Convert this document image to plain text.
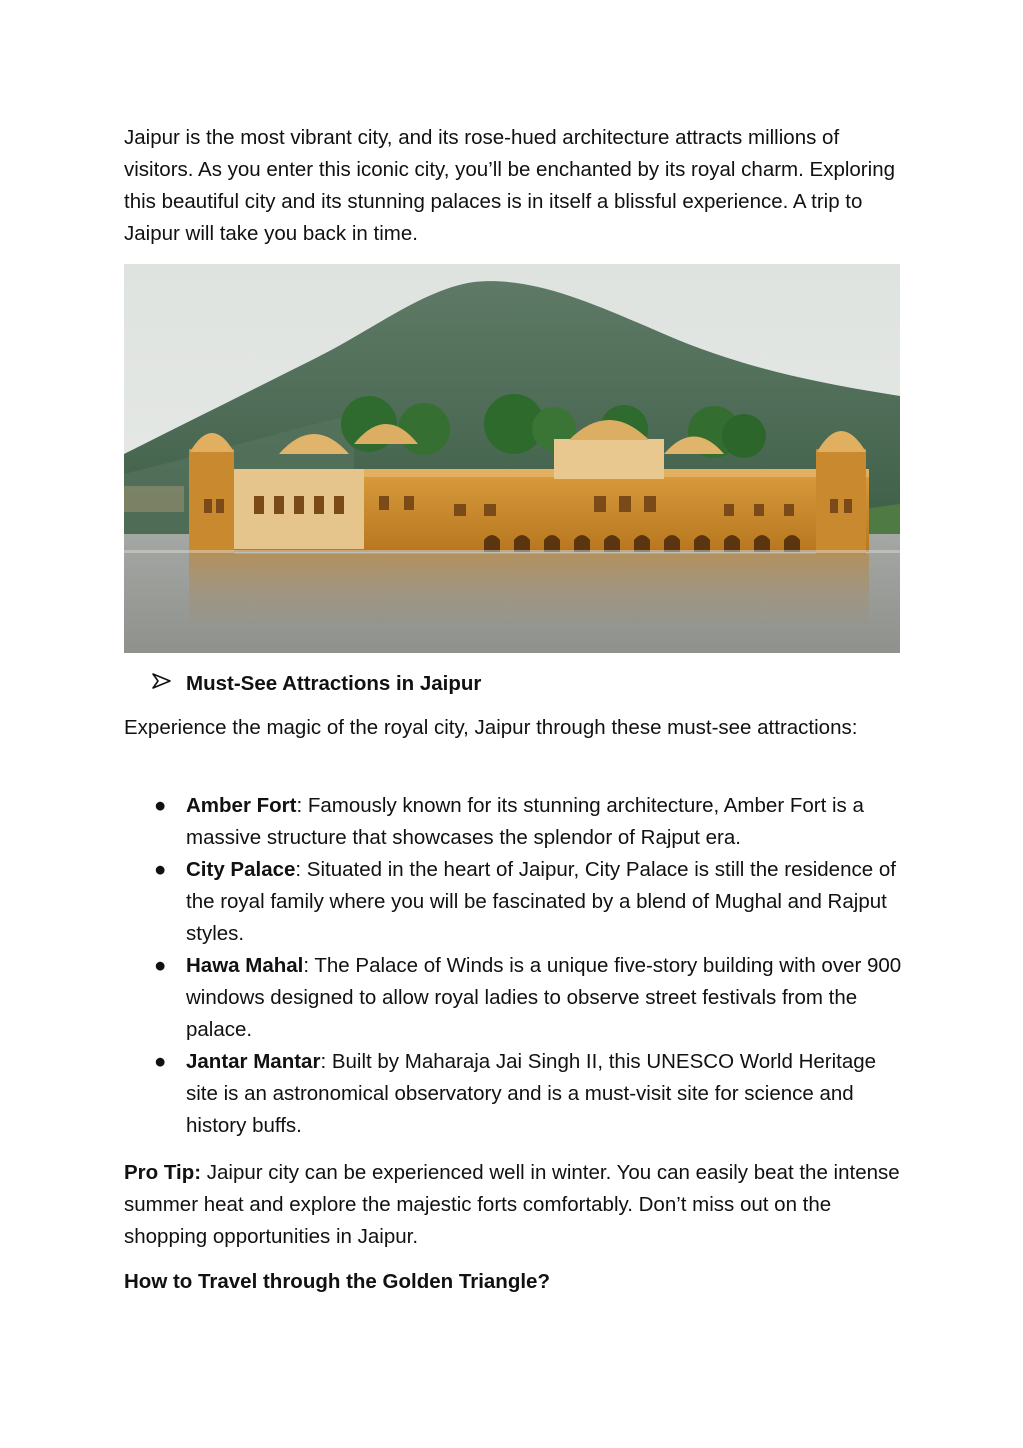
Jaipur is the most vibrant city, and its rose-hued architecture attracts millions of visitors. As you enter this iconic city, you’ll be enchanted by its royal charm. Exploring this beautiful city and its stunning palaces is in itself a blissful experience. A trip to Jaipur will take you back in time.

Must-See Attractions in Jaipur

Experience the magic of the royal city, Jaipur through these must-see attractions:

● Amber Fort: Famously known for its stunning architecture, Amber Fort is a massive structure that showcases the splendor of Rajput era.
● City Palace: Situated in the heart of Jaipur, City Palace is still the residence of the royal family where you will be fascinated by a blend of Mughal and Rajput styles.
● Hawa Mahal: The Palace of Winds is a unique five-story building with over 900 windows designed to allow royal ladies to observe street festivals from the palace.
● Jantar Mantar: Built by Maharaja Jai Singh II, this UNESCO World Heritage site is an astronomical observatory and is a must-visit site for science and history buffs.

Pro Tip: Jaipur city can be experienced well in winter. You can easily beat the intense summer heat and explore the majestic forts comfortably. Don’t miss out on the shopping opportunities in Jaipur.

How to Travel through the Golden Triangle?
